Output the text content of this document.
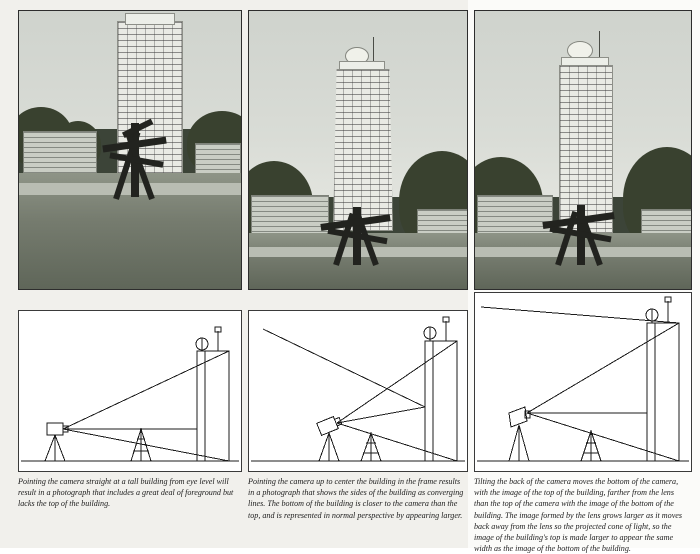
Pointing the camera straight at a tall building from eye level will result in a photograph that includes a great deal of foreground but lacks the top of the building.
Pointing the camera up to center the building in the frame results in a photograph that shows the sides of the building as converging lines. The bottom of the building is closer to the camera than the top, and is represented in normal perspective by appearing larger.
Tilting the back of the camera moves the bottom of the camera, with the image of the top of the building, farther from the lens than the top of the camera with the image of the bottom of the building. The image formed by the lens grows larger as it moves back away from the lens so the projected cone of light, so the image of the building's top is made larger to appear the same width as the image of the bottom of the building.
